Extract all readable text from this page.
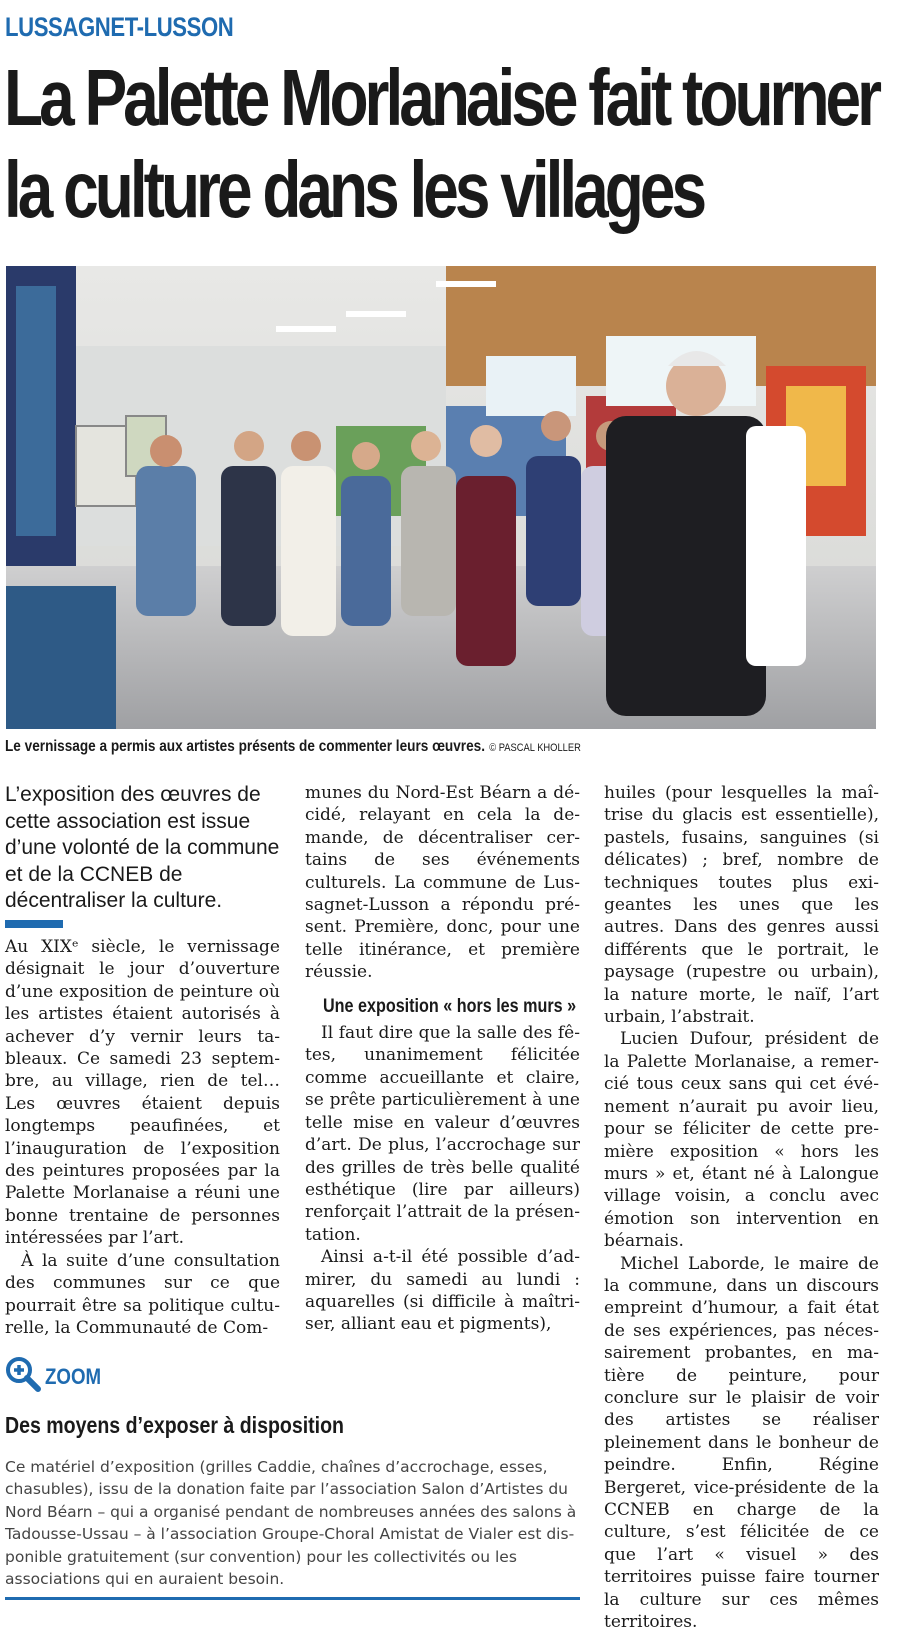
LUSSAGNET-LUSSON
La Palette Morlanaise fait tourner
la culture dans les villages
Le vernissage a permis aux artistes présents de commenter leurs œuvres. © PASCAL KHOLLER
L’exposition des œuvres de cette association est issue d’une volonté de la commune et de la CCNEB de décentraliser la culture.

Au XIXᵉ siècle, le vernissage désignait le jour d’ouverture d’une exposition de peinture où les artistes étaient autorisés à achever d’y vernir leurs tableaux. Ce samedi 23 septembre, au village, rien de tel… Les œuvres étaient depuis longtemps peaufinées, et l’inauguration de l’exposition des peintures proposées par la Palette Morlanaise a réuni une bonne trentaine de personnes intéressées par l’art.

À la suite d’une consultation des communes sur ce que pourrait être sa politique culturelle, la Communauté de Com-

munes du Nord-Est Béarn a décidé, relayant en cela la demande, de décentraliser certains de ses événements culturels. La commune de Lussagnet-Lusson a répondu présent. Première, donc, pour une telle itinérance, et première réussie.

Une exposition « hors les murs »

Il faut dire que la salle des fêtes, unanimement félicitée comme accueillante et claire, se prête particulièrement à une telle mise en valeur d’œuvres d’art. De plus, l’accrochage sur des grilles de très belle qualité esthétique (lire par ailleurs) renforçait l’attrait de la présentation.

Ainsi a-t-il été possible d’admirer, du samedi au lundi : aquarelles (si difficile à maîtriser, alliant eau et pigments),

huiles (pour lesquelles la maîtrise du glacis est essentielle), pastels, fusains, sanguines (si délicates) ; bref, nombre de techniques toutes plus exigeantes les unes que les autres. Dans des genres aussi différents que le portrait, le paysage (rupestre ou urbain), la nature morte, le naïf, l’art urbain, l’abstrait.

Lucien Dufour, président de la Palette Morlanaise, a remercié tous ceux sans qui cet événement n’aurait pu avoir lieu, pour se féliciter de cette première exposition « hors les murs » et, étant né à Lalongue village voisin, a conclu avec émotion son intervention en béarnais.

Michel Laborde, le maire de la commune, dans un discours empreint d’humour, a fait état de ses expériences, pas nécessairement probantes, en matière de peinture, pour conclure sur le plaisir de voir des artistes se réaliser pleinement dans le bonheur de peindre. Enfin, Régine Bergeret, vice-présidente de la CCNEB en charge de la culture, s’est félicitée de ce que l’art « visuel » des territoires puisse faire tourner la culture sur ces mêmes territoires.

ZOOM
Des moyens d’exposer à disposition
Ce matériel d’exposition (grilles Caddie, chaînes d’accrochage, esses, chasubles), issu de la donation faite par l’association Salon d’Artistes du Nord Béarn – qui a organisé pendant de nombreuses années des salons à Tadousse-Ussau – à l’association Groupe-Choral Amistat de Vialer est disponible gratuitement (sur convention) pour les collectivités ou les associations qui en auraient besoin.
